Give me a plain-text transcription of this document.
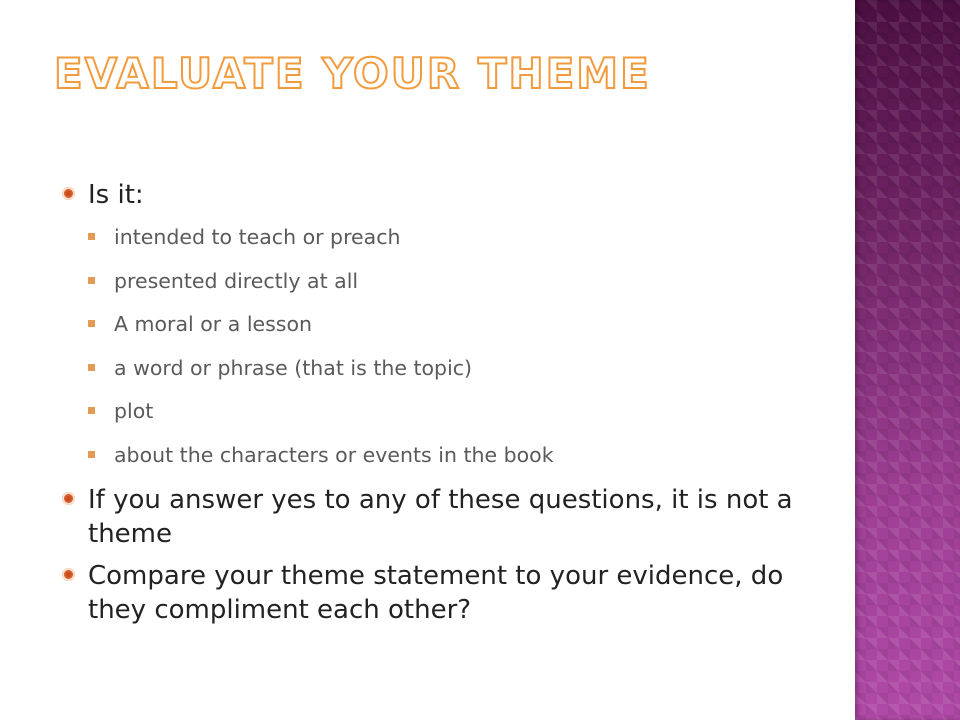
EVALUATE YOUR THEME
Is it:
intended to teach or preach
presented directly at all
A moral or a lesson
a word or phrase (that is the topic)
plot
about the characters or events in the book
If you answer yes to any of these questions, it is not a theme
Compare your theme statement to your evidence, do they compliment each other?
